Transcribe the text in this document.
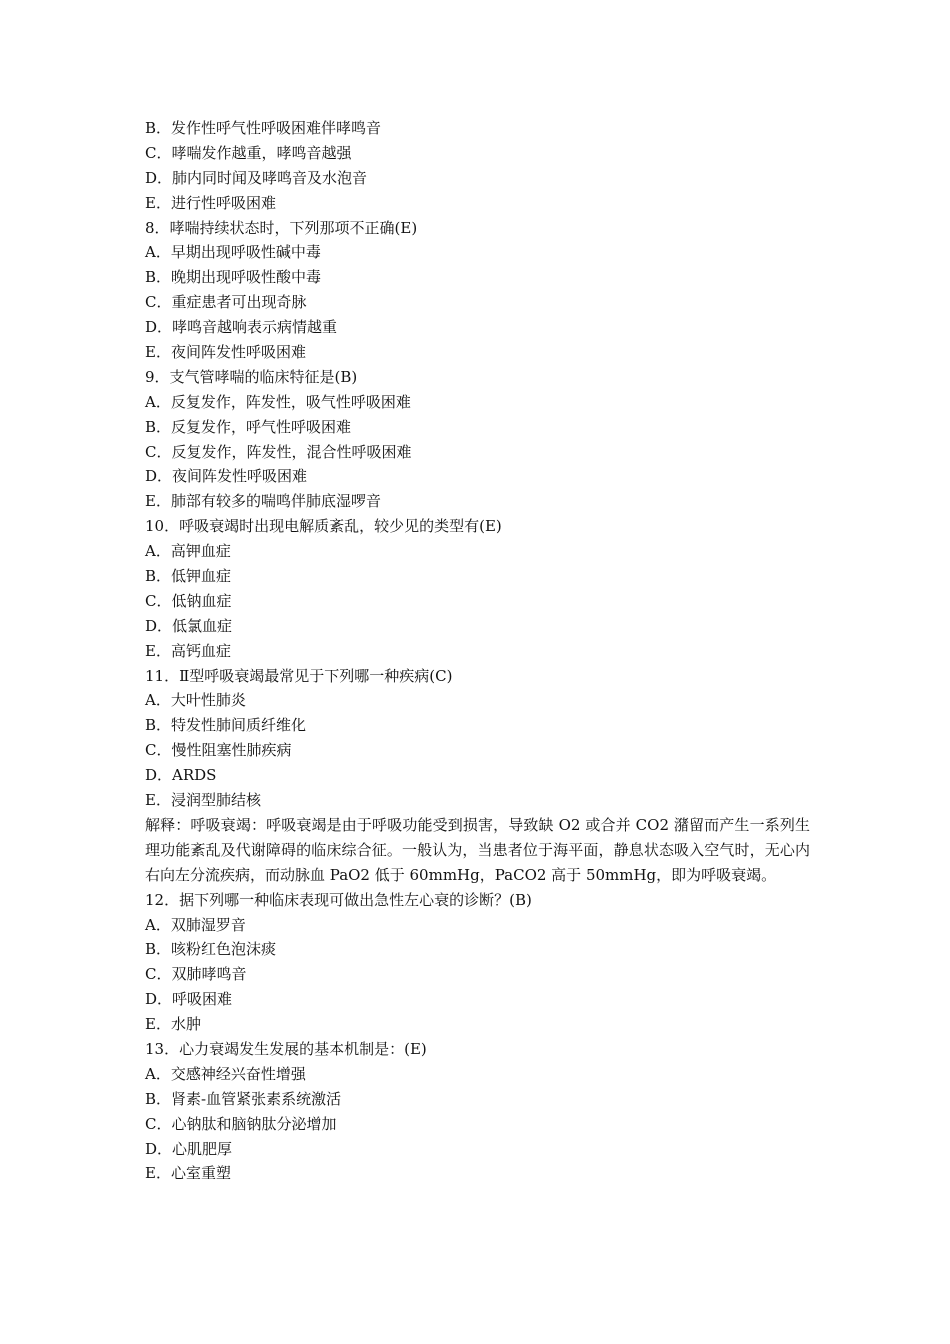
B．发作性呼气性呼吸困难伴哮鸣音
C．哮喘发作越重，哮鸣音越强
D．肺内同时闻及哮鸣音及水泡音
E．进行性呼吸困难
8．哮喘持续状态时，下列那项不正确(E)
A．早期出现呼吸性碱中毒
B．晚期出现呼吸性酸中毒
C．重症患者可出现奇脉
D．哮鸣音越响表示病情越重
E．夜间阵发性呼吸困难
9．支气管哮喘的临床特征是(B)
A．反复发作，阵发性，吸气性呼吸困难
B．反复发作，呼气性呼吸困难
C．反复发作，阵发性，混合性呼吸困难
D．夜间阵发性呼吸困难
E．肺部有较多的喘鸣伴肺底湿啰音
10．呼吸衰竭时出现电解质紊乱，较少见的类型有(E)
A．高钾血症
B．低钾血症
C．低钠血症
D．低氯血症
E．高钙血症
11．Ⅱ型呼吸衰竭最常见于下列哪一种疾病(C)
A．大叶性肺炎
B．特发性肺间质纤维化
C．慢性阻塞性肺疾病
D．ARDS
E．浸润型肺结核
解释：呼吸衰竭：呼吸衰竭是由于呼吸功能受到损害，导致缺 O2 或合并 CO2 潴留而产生一系列生理功能紊乱及代谢障碍的临床综合征。一般认为，当患者位于海平面，静息状态吸入空气时，无心内右向左分流疾病，而动脉血 PaO2 低于 60mmHg，PaCO2 高于 50mmHg，即为呼吸衰竭。
12．据下列哪一种临床表现可做出急性左心衰的诊断？(B)
A．双肺湿罗音
B．咳粉红色泡沫痰
C．双肺哮鸣音
D．呼吸困难
E．水肿
13．心力衰竭发生发展的基本机制是：(E)
A．交感神经兴奋性增强
B．肾素-血管紧张素系统激活
C．心钠肽和脑钠肽分泌增加
D．心肌肥厚
E．心室重塑
